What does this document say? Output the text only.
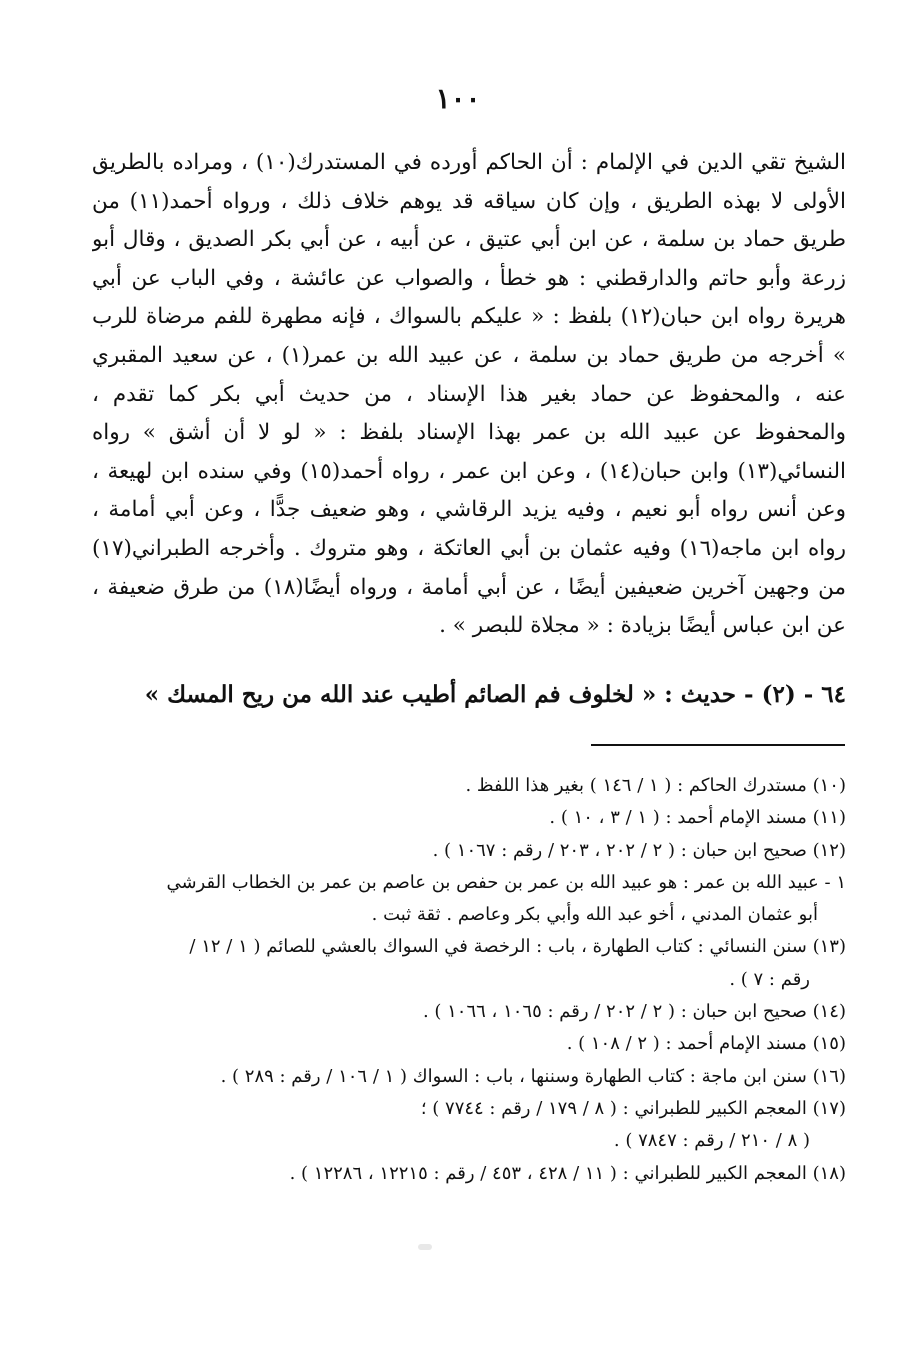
١٠٠
الشيخ تقي الدين في الإلمام : أن الحاكم أورده في المستدرك(١٠) ، ومراده بالطريق
الأولى لا بهذه الطريق ، وإن كان سياقه قد يوهم خلاف ذلك ، ورواه أحمد(١١) من
طريق حماد بن سلمة ، عن ابن أبي عتيق ، عن أبيه ، عن أبي بكر الصديق ، وقال أبو
زرعة وأبو حاتم والدارقطني : هو خطأ ، والصواب عن عائشة ، وفي الباب عن أبي
هريرة رواه ابن حبان(١٢) بلفظ : « عليكم بالسواك ، فإنه مطهرة للفم مرضاة للرب
» أخرجه من طريق حماد بن سلمة ، عن عبيد الله بن عمر(١) ، عن سعيد المقبري
عنه ، والمحفوظ عن حماد بغير هذا الإسناد ، من حديث أبي بكر كما تقدم ،
والمحفوظ عن عبيد الله بن عمر بهذا الإسناد بلفظ : « لو لا أن أشق » رواه
النسائي(١٣) وابن حبان(١٤) ، وعن ابن عمر ، رواه أحمد(١٥) وفي سنده ابن لهيعة ،
وعن أنس رواه أبو نعيم ، وفيه يزيد الرقاشي ، وهو ضعيف جدًّا ، وعن أبي أمامة ،
رواه ابن ماجه(١٦) وفيه عثمان بن أبي العاتكة ، وهو متروك . وأخرجه الطبراني(١٧)
من وجهين آخرين ضعيفين أيضًا ، عن أبي أمامة ، ورواه أيضًا(١٨) من طرق ضعيفة ،
عن ابن عباس أيضًا بزيادة : « مجلاة للبصر » .
٦٤ - (٢) - حديث : « لخلوف فم الصائم أطيب عند الله من ريح المسك »
(١٠) مستدرك الحاكم : ( ١ / ١٤٦ ) بغير هذا اللفظ .
(١١) مسند الإمام أحمد : ( ١ / ٣ ، ١٠ ) .
(١٢) صحيح ابن حبان : ( ٢ / ٢٠٢ ، ٢٠٣ / رقم : ١٠٦٧ ) .
١ - عبيد الله بن عمر : هو عبيد الله بن عمر بن حفص بن عاصم بن عمر بن الخطاب القرشي
أبو عثمان المدني ، أخو عبد الله وأبي بكر وعاصم . ثقة ثبت .
(١٣) سنن النسائي : كتاب الطهارة ، باب : الرخصة في السواك بالعشي للصائم ( ١ / ١٢ /
رقم : ٧ ) .
(١٤) صحيح ابن حبان : ( ٢ / ٢٠٢ / رقم : ١٠٦٥ ، ١٠٦٦ ) .
(١٥) مسند الإمام أحمد : ( ٢ / ١٠٨ ) .
(١٦) سنن ابن ماجة : كتاب الطهارة وسننها ، باب : السواك ( ١ / ١٠٦ / رقم : ٢٨٩ ) .
(١٧) المعجم الكبير للطبراني : ( ٨ / ١٧٩ / رقم : ٧٧٤٤ ) ؛
( ٨ / ٢١٠ / رقم : ٧٨٤٧ ) .
(١٨) المعجم الكبير للطبراني : ( ١١ / ٤٢٨ ، ٤٥٣ / رقم : ١٢٢١٥ ، ١٢٢٨٦ ) .
